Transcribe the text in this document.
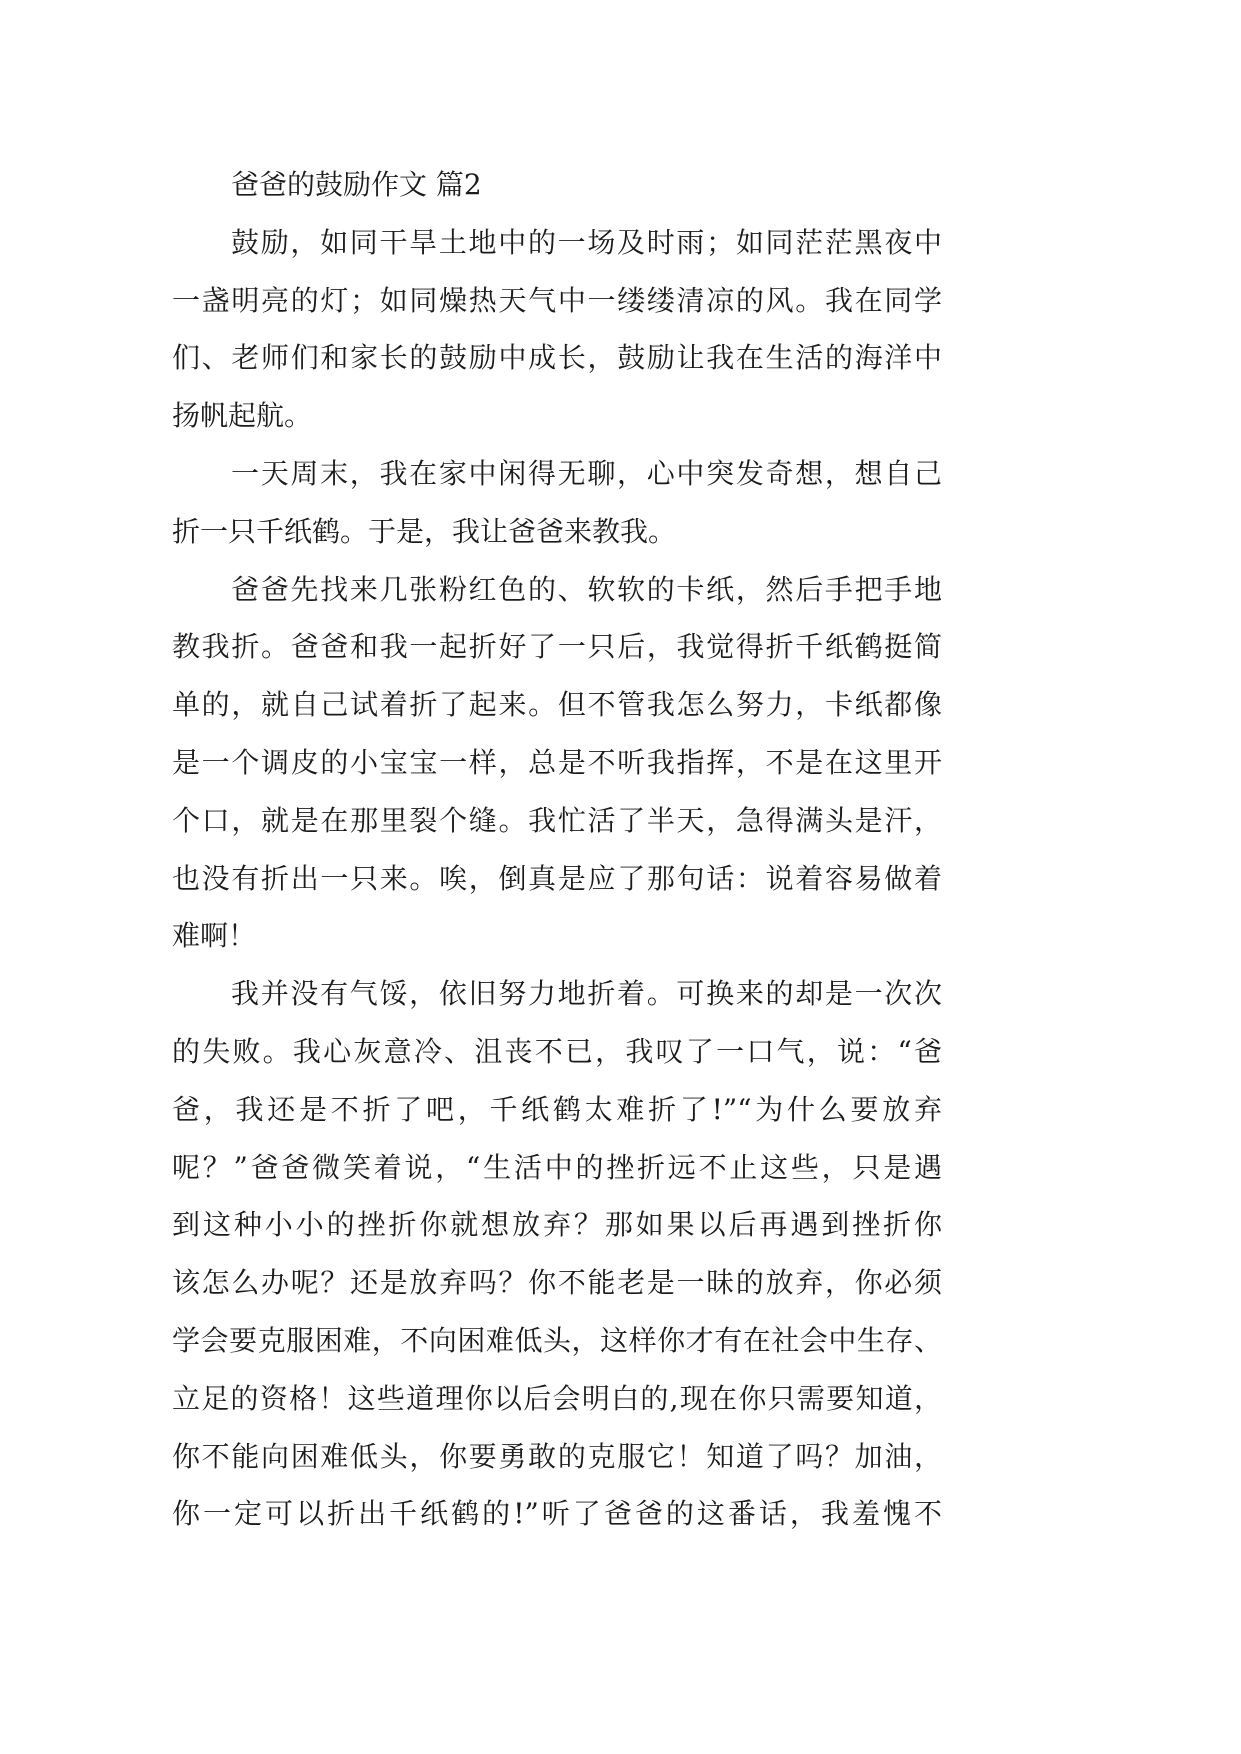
爸爸的鼓励作文 篇2
鼓励，如同干旱土地中的一场及时雨；如同茫茫黑夜中
一盏明亮的灯；如同燥热天气中一缕缕清凉的风。我在同学
们、老师们和家长的鼓励中成长，鼓励让我在生活的海洋中
扬帆起航。
一天周末，我在家中闲得无聊，心中突发奇想，想自己
折一只千纸鹤。于是，我让爸爸来教我。
爸爸先找来几张粉红色的、软软的卡纸，然后手把手地
教我折。爸爸和我一起折好了一只后，我觉得折千纸鹤挺简
单的，就自己试着折了起来。但不管我怎么努力，卡纸都像
是一个调皮的小宝宝一样，总是不听我指挥，不是在这里开
个口，就是在那里裂个缝。我忙活了半天，急得满头是汗，
也没有折出一只来。唉，倒真是应了那句话：说着容易做着
难啊！
我并没有气馁，依旧努力地折着。可换来的却是一次次
的失败。我心灰意冷、沮丧不已，我叹了一口气，说：“爸
爸，我还是不折了吧，千纸鹤太难折了!”“为什么要放弃
呢？”爸爸微笑着说，“生活中的挫折远不止这些，只是遇
到这种小小的挫折你就想放弃？那如果以后再遇到挫折你
该怎么办呢？还是放弃吗？你不能老是一昧的放弃，你必须
学会要克服困难，不向困难低头，这样你才有在社会中生存、
立足的资格！这些道理你以后会明白的,现在你只需要知道，
你不能向困难低头，你要勇敢的克服它！知道了吗？加油，
你一定可以折出千纸鹤的!”听了爸爸的这番话，我羞愧不
